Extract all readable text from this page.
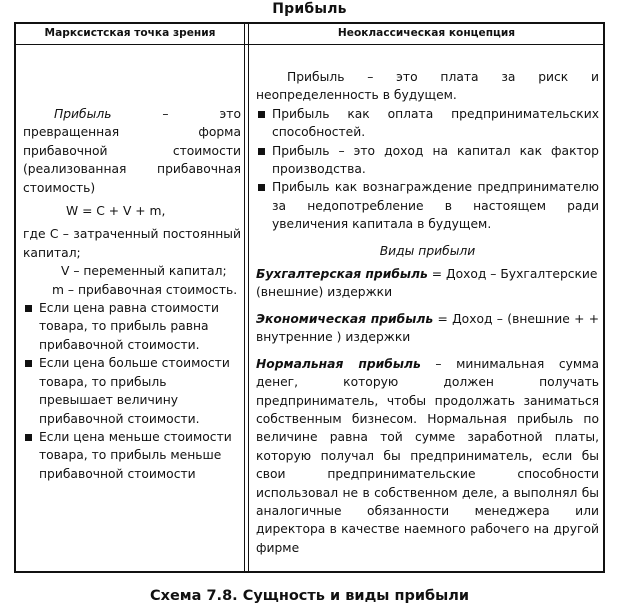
Прибыль
Марксистская точка зрения	Неоклассическая концепция

Прибыль – это превращенная форма прибавочной стоимости (реализованная прибавочная стоимость)

W = C + V + m,

где С – затраченный постоянный капитал;

V – переменный капитал;

m – прибавочная стоимость.

Если цена равна стоимости товара, то прибыль равна прибавочной стоимости.
Если цена больше стоимости товара, то прибыль превышает величину прибавочной стоимости.
Если цена меньше стоимости товара, то прибыль меньше прибавочной стоимости

Прибыль – это плата за риск и неопределенность в будущем.

Прибыль как оплата предпринимательских способностей.
Прибыль – это доход на капитал как фактор производства.
Прибыль как вознаграждение предпринимателю за недопотребление в настоящем ради увеличения капитала в будущем.

Виды прибыли

Бухгалтерская прибыль = Доход – Бухгалтерские (внешние) издержки

Экономическая прибыль = Доход – (внешние + + внутренние ) издержки

Нормальная прибыль – минимальная сумма денег, которую должен получать предприниматель, чтобы продолжать заниматься собственным бизнесом. Нормальная прибыль по величине равна той сумме заработной платы, которую получал бы предприниматель, если бы свои предпринимательские способности использовал не в собственном деле, а выполнял бы аналогичные обязанности менеджера или директора в качестве наемного рабочего на другой фирме

Схема 7.8. Сущность и виды прибыли
